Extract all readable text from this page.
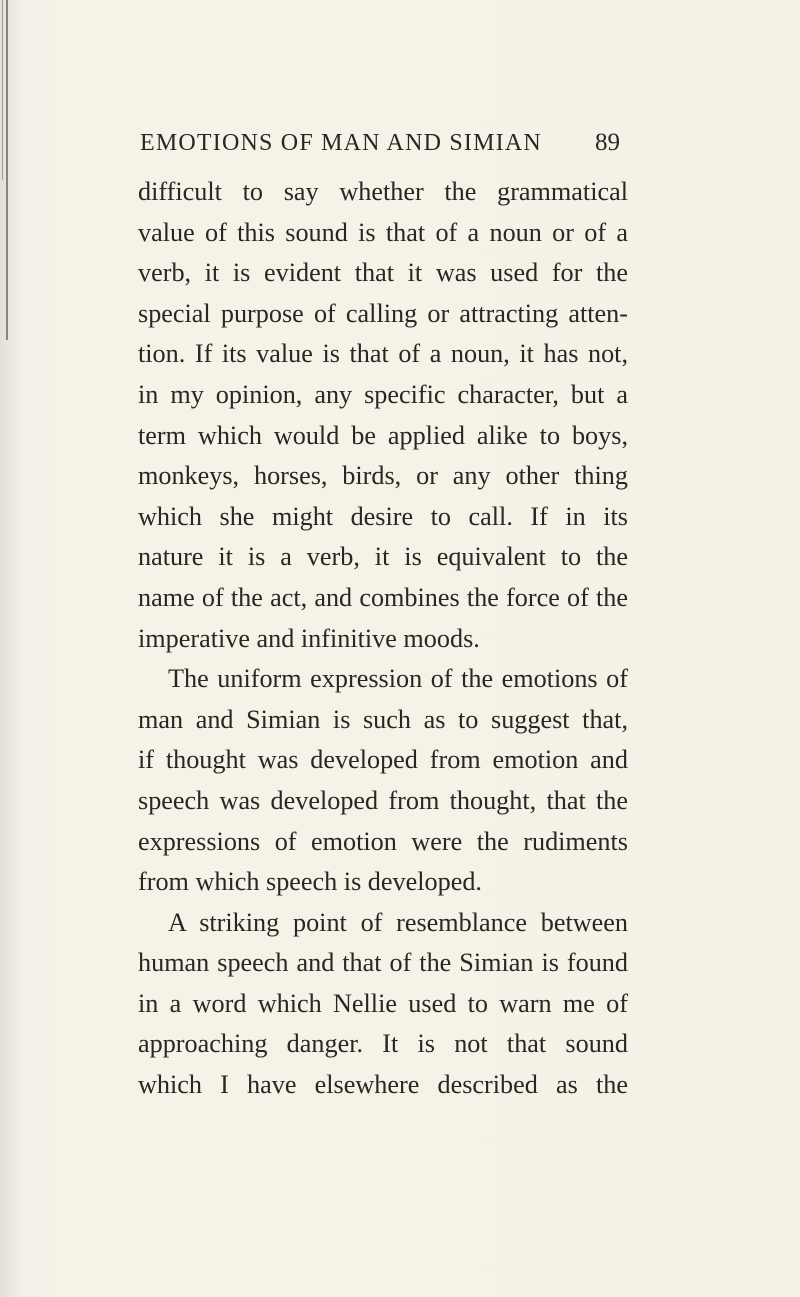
EMOTIONS OF MAN AND SIMIAN 89
difficult to say whether the grammatical
value of this sound is that of a noun or of a
verb, it is evident that it was used for the
special purpose of calling or attracting atten-
tion. If its value is that of a noun, it has not,
in my opinion, any specific character, but a
term which would be applied alike to boys,
monkeys, horses, birds, or any other thing
which she might desire to call. If in its
nature it is a verb, it is equivalent to the
name of the act, and combines the force of the
imperative and infinitive moods.
The uniform expression of the emotions of
man and Simian is such as to suggest that,
if thought was developed from emotion and
speech was developed from thought, that the
expressions of emotion were the rudiments
from which speech is developed.
A striking point of resemblance between
human speech and that of the Simian is found
in a word which Nellie used to warn me of
approaching danger. It is not that sound
which I have elsewhere described as the
